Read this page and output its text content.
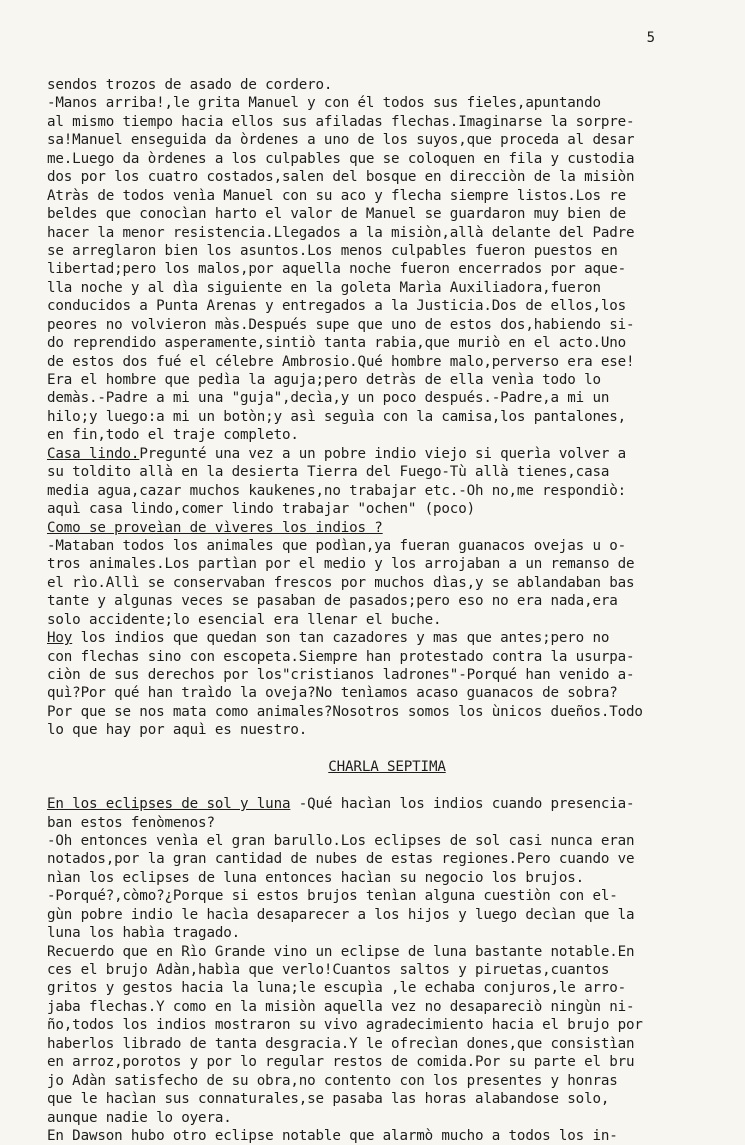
5
sendos trozos de asado de cordero.
-Manos arriba!,le grita Manuel y con él todos sus fieles,apuntando
al mismo tiempo hacia ellos sus afiladas flechas.Imaginarse la sorpre-
sa!Manuel enseguida da òrdenes a uno de los suyos,que proceda al desar
me.Luego da òrdenes a los culpables que se coloquen en fila y custodia
dos por los cuatro costados,salen del bosque en direcciòn de la misiòn
Atràs de todos venìa Manuel con su aco y flecha siempre listos.Los re
beldes que conocìan harto el valor de Manuel se guardaron muy bien de
hacer la menor resistencia.Llegados a la misiòn,allà delante del Padre
se arreglaron bien los asuntos.Los menos culpables fueron puestos en
libertad;pero los malos,por aquella noche fueron encerrados por aque-
lla noche y al dìa siguiente en la goleta Marìa Auxiliadora,fueron
conducidos a Punta Arenas y entregados a la Justicia.Dos de ellos,los
peores no volvieron màs.Después supe que uno de estos dos,habiendo si-
do reprendido asperamente,sintiò tanta rabia,que muriò en el acto.Uno
de estos dos fué el célebre Ambrosio.Qué hombre malo,perverso era ese!
Era el hombre que pedìa la aguja;pero detràs de ella venìa todo lo
demàs.-Padre a mi una "guja",decìa,y un poco después.-Padre,a mi un
hilo;y luego:a mi un botòn;y asì seguìa con la camisa,los pantalones,
en fin,todo el traje completo.
Casa lindo.Pregunté una vez a un pobre indio viejo si querìa volver a
su toldito allà en la desierta Tierra del Fuego-Tù allà tienes,casa
media agua,cazar muchos kaukenes,no trabajar etc.-Oh no,me respondiò:
aquì casa lindo,comer lindo trabajar "ochen" (poco)
Como se proveìan de vìveres los indios ?
-Mataban todos los animales que podìan,ya fueran guanacos ovejas u o-
tros animales.Los partìan por el medio y los arrojaban a un remanso de
el rìo.Allì se conservaban frescos por muchos dìas,y se ablandaban bas
tante y algunas veces se pasaban de pasados;pero eso no era nada,era
solo accidente;lo esencial era llenar el buche.
Hoy los indios que quedan son tan cazadores y mas que antes;pero no
con flechas sino con escopeta.Siempre han protestado contra la usurpa-
ciòn de sus derechos por los"cristianos ladrones"-Porqué han venido a-
quì?Por qué han traìdo la oveja?No tenìamos acaso guanacos de sobra?
Por que se nos mata como animales?Nosotros somos los ùnicos dueños.Todo
lo que hay por aquì es nuestro.

CHARLA SEPTIMA

En los eclipses de sol y luna -Qué hacìan los indios cuando presencia-
ban estos fenòmenos?
-Oh entonces venìa el gran barullo.Los eclipses de sol casi nunca eran
notados,por la gran cantidad de nubes de estas regiones.Pero cuando ve
nìan los eclipses de luna entonces hacìan su negocio los brujos.
-Porqué?,còmo?¿Porque si estos brujos tenìan alguna cuestiòn con el-
gùn pobre indio le hacìa desaparecer a los hijos y luego decìan que la
luna los habìa tragado.
Recuerdo que en Rìo Grande vino un eclipse de luna bastante notable.En
ces el brujo Adàn,habìa que verlo!Cuantos saltos y piruetas,cuantos
gritos y gestos hacia la luna;le escupìa ,le echaba conjuros,le arro-
jaba flechas.Y como en la misiòn aquella vez no desapareciò ningùn ni-
ño,todos los indios mostraron su vivo agradecimiento hacia el brujo por
haberlos librado de tanta desgracia.Y le ofrecìan dones,que consistìan
en arroz,porotos y por lo regular restos de comida.Por su parte el bru
jo Adàn satisfecho de su obra,no contento con los presentes y honras
que le hacìan sus connaturales,se pasaba las horas alabandose solo,
aunque nadie lo oyera.
En Dawson hubo otro eclipse notable que alarmò mucho a todos los in-
